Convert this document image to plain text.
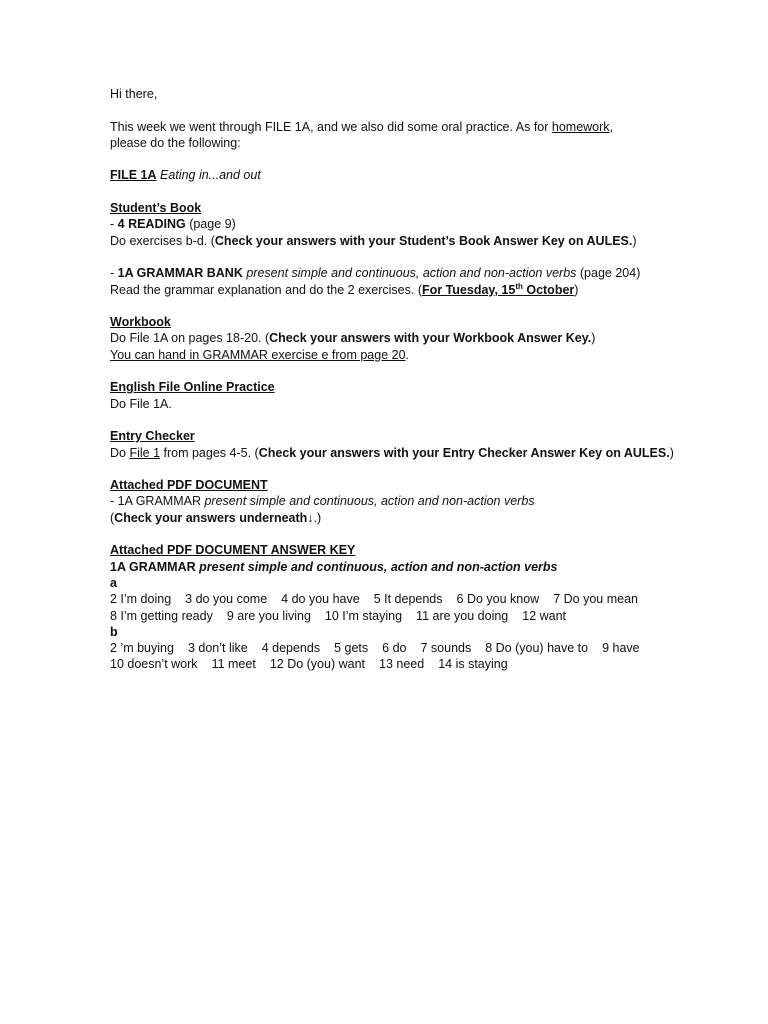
Hi there,
This week we went through FILE 1A, and we also did some oral practice. As for homework,
please do the following:
FILE 1A Eating in...and out
Student’s Book
- 4 READING (page 9)
Do exercises b-d. (Check your answers with your Student’s Book Answer Key on AULES.)
- 1A GRAMMAR BANK present simple and continuous, action and non-action verbs (page 204)
Read the grammar explanation and do the 2 exercises. (For Tuesday, 15th October)
Workbook
Do File 1A on pages 18-20. (Check your answers with your Workbook Answer Key.)
You can hand in GRAMMAR exercise e from page 20.
English File Online Practice
Do File 1A.
Entry Checker
Do File 1 from pages 4-5. (Check your answers with your Entry Checker Answer Key on AULES.)
Attached PDF DOCUMENT
- 1A GRAMMAR present simple and continuous, action and non-action verbs
(Check your answers underneath↓.)
Attached PDF DOCUMENT ANSWER KEY
1A GRAMMAR present simple and continuous, action and non-action verbs
a
2 I’m doing 3 do you come 4 do you have 5 It depends 6 Do you know 7 Do you mean
8 I’m getting ready 9 are you living 10 I’m staying 11 are you doing 12 want
b
2 ’m buying 3 don’t like 4 depends 5 gets 6 do 7 sounds 8 Do (you) have to 9 have
10 doesn’t work 11 meet 12 Do (you) want 13 need 14 is staying
